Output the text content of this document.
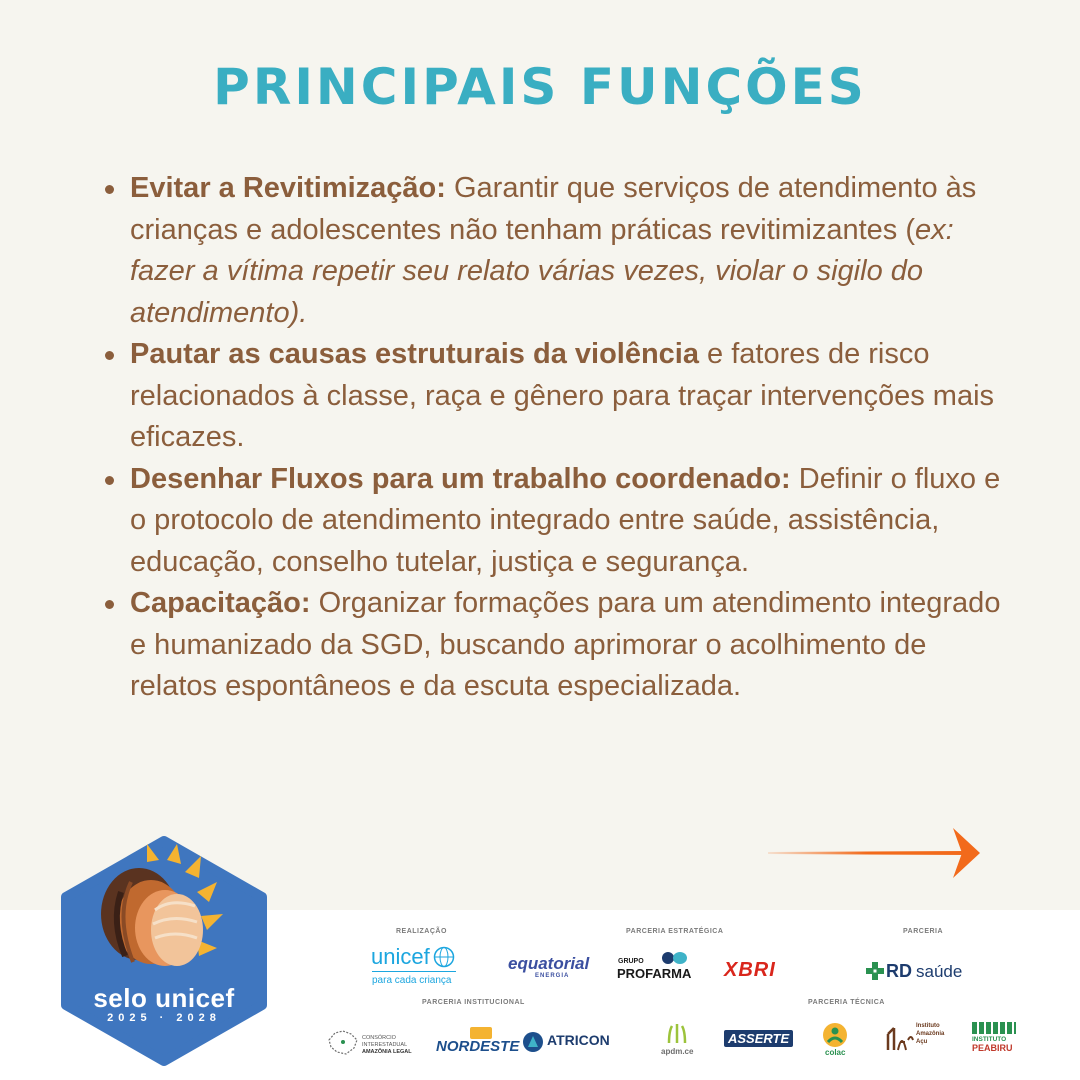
PRINCIPAIS FUNÇÕES
Evitar a Revitimização: Garantir que serviços de atendimento às crianças e adolescentes não tenham práticas revitimizantes (ex: fazer a vítima repetir seu relato várias vezes, violar o sigilo do atendimento).
Pautar as causas estruturais da violência e fatores de risco relacionados à classe, raça e gênero para traçar intervenções mais eficazes.
Desenhar Fluxos para um trabalho coordenado: Definir o fluxo e o protocolo de atendimento integrado entre saúde, assistência, educação, conselho tutelar, justiça e segurança.
Capacitação: Organizar formações para um atendimento integrado e humanizado da SGD, buscando aprimorar o acolhimento de relatos espontâneos e da escuta especializada.
REALIZAÇÃO	PARCERIA ESTRATÉGICA	PARCERIA
PARCERIA INSTITUCIONAL	PARCERIA TÉCNICA
unicef
para cada criança
equatorial
ENERGIA
GRUPO
PROFARMA XBRI	RD saúde
CONSÓRCIO
INTERESTADUAL
AMAZÔNIA LEGAL NORDESTE ATRICON
apdm.ce
ASSERTE
colac
Instituto
Amazônia
Açu	INSTITUTO
PEABIRU
selo unicef
2025 · 2028
